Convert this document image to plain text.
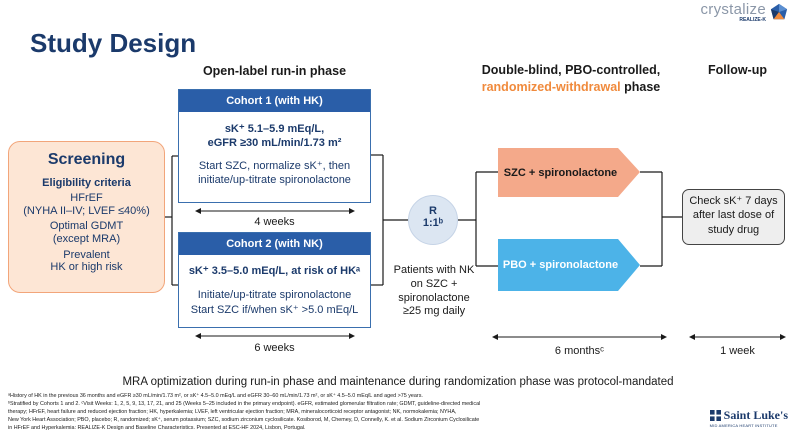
Study Design
crystalize
REALIZE-K
Open-label run-in phase	Double-blind, PBO-controlled,
randomized-withdrawal phase
Follow-up
Screening
Eligibility criteria
HFrEF
(NYHA II–IV; LVEF ≤40%)
Optimal GDMT
(except MRA)
Prevalent
HK or high risk
Cohort 1 (with HK)
sK⁺ 5.1–5.9 mEq/L,
eGFR ≥30 mL/min/1.73 m²
Start SZC, normalize sK⁺, then
initiate/up-titrate spironolactone
4 weeks
Cohort 2 (with NK)
sK⁺ 3.5–5.0 mEq/L, at risk of HKᵃ
Initiate/up-titrate spironolactone
Start SZC if/when sK⁺ >5.0 mEq/L
6 weeks
R
1:1ᵇ
Patients with NK
on SZC +
spironolactone
≥25 mg daily
SZC + spironolactone
PBO + spironolactone
Check sK⁺ 7 days
after last dose of
study drug
6 monthsᶜ	1 week
MRA optimization during run-in phase and maintenance during randomization phase was protocol-mandated
ᵃHistory of HK in the previous 36 months and eGFR ≥30 mL/min/1.73 m², or sK⁺ 4.5–5.0 mEq/L and eGFR 30–60 mL/min/1.73 m², or sK⁺ 4.5–5.0 mEq/L and aged >75 years.
ᵇStratified by Cohorts 1 and 2. ᶜVisit Weeks: 1, 2, 5, 9, 13, 17, 21, and 25 (Weeks 5–25 included in the primary endpoint). eGFR, estimated glomerular filtration rate; GDMT, guideline-directed medical
therapy; HFrEF, heart failure and reduced ejection fraction; HK, hyperkalemia; LVEF, left ventricular ejection fraction; MRA, mineralocorticoid receptor antagonist; NK, normokalemia; NYHA,
New York Heart Association; PBO, placebo; R, randomized; sK⁺, serum potassium; SZC, sodium zirconium cyclosilicate. Kosiborod, M, Chemey, D, Connelly, K. et al. Sodium Zirconium Cyclosilicate
in HFrEF and Hyperkalemia: REALIZE-K Design and Baseline Characteristics. Presented at ESC-HF 2024, Lisbon, Portugal.
Saint Luke's
MID AMERICA HEART INSTITUTE
